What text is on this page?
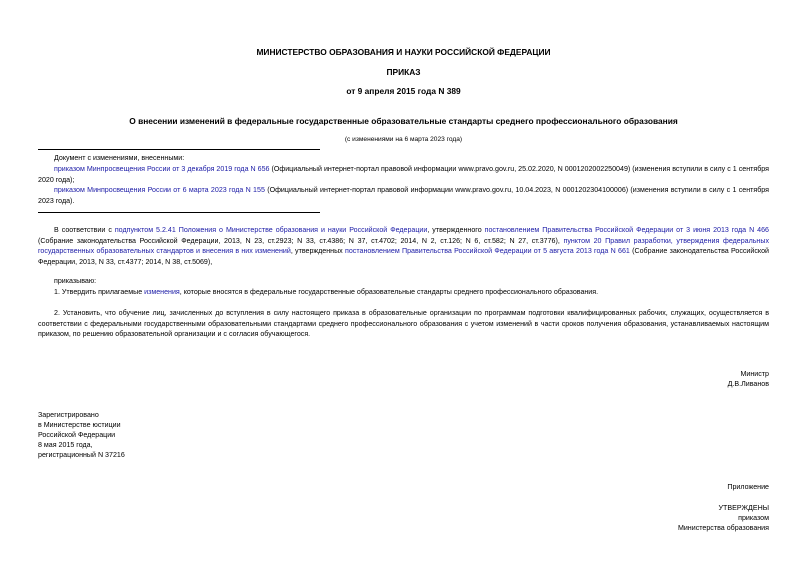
МИНИСТЕРСТВО ОБРАЗОВАНИЯ И НАУКИ РОССИЙСКОЙ ФЕДЕРАЦИИ
ПРИКАЗ
от 9 апреля 2015 года N 389
О внесении изменений в федеральные государственные образовательные стандарты среднего профессионального образования
(с изменениями на 6 марта 2023 года)
Документ с изменениями, внесенными:
приказом Минпросвещения России от 3 декабря 2019 года N 656 (Официальный интернет-портал правовой информации www.pravo.gov.ru, 25.02.2020, N 0001202002250049) (изменения вступили в силу с 1 сентября 2020 года);
приказом Минпросвещения России от 6 марта 2023 года N 155 (Официальный интернет-портал правовой информации www.pravo.gov.ru, 10.04.2023, N 0001202304100006) (изменения вступили в силу с 1 сентября 2023 года).
В соответствии с подпунктом 5.2.41 Положения о Министерстве образования и науки Российской Федерации, утвержденного постановлением Правительства Российской Федерации от 3 июня 2013 года N 466 (Собрание законодательства Российской Федерации, 2013, N 23, ст.2923; N 33, ст.4386; N 37, ст.4702; 2014, N 2, ст.126; N 6, ст.582; N 27, ст.3776), пунктом 20 Правил разработки, утверждения федеральных государственных образовательных стандартов и внесения в них изменений, утвержденных постановлением Правительства Российской Федерации от 5 августа 2013 года N 661 (Собрание законодательства Российской Федерации, 2013, N 33, ст.4377; 2014, N 38, ст.5069),
приказываю:
1. Утвердить прилагаемые изменения, которые вносятся в федеральные государственные образовательные стандарты среднего профессионального образования.
2. Установить, что обучение лиц, зачисленных до вступления в силу настоящего приказа в образовательные организации по программам подготовки квалифицированных рабочих, служащих, осуществляется в соответствии с федеральными государственными образовательными стандартами среднего профессионального образования с учетом изменений в части сроков получения образования, устанавливаемых настоящим приказом, по решению образовательной организации и с согласия обучающегося.
Министр
Д.В.Ливанов
Зарегистрировано
в Министерстве юстиции
Российской Федерации
8 мая 2015 года,
регистрационный N 37216
Приложение
УТВЕРЖДЕНЫ
приказом
Министерства образования
